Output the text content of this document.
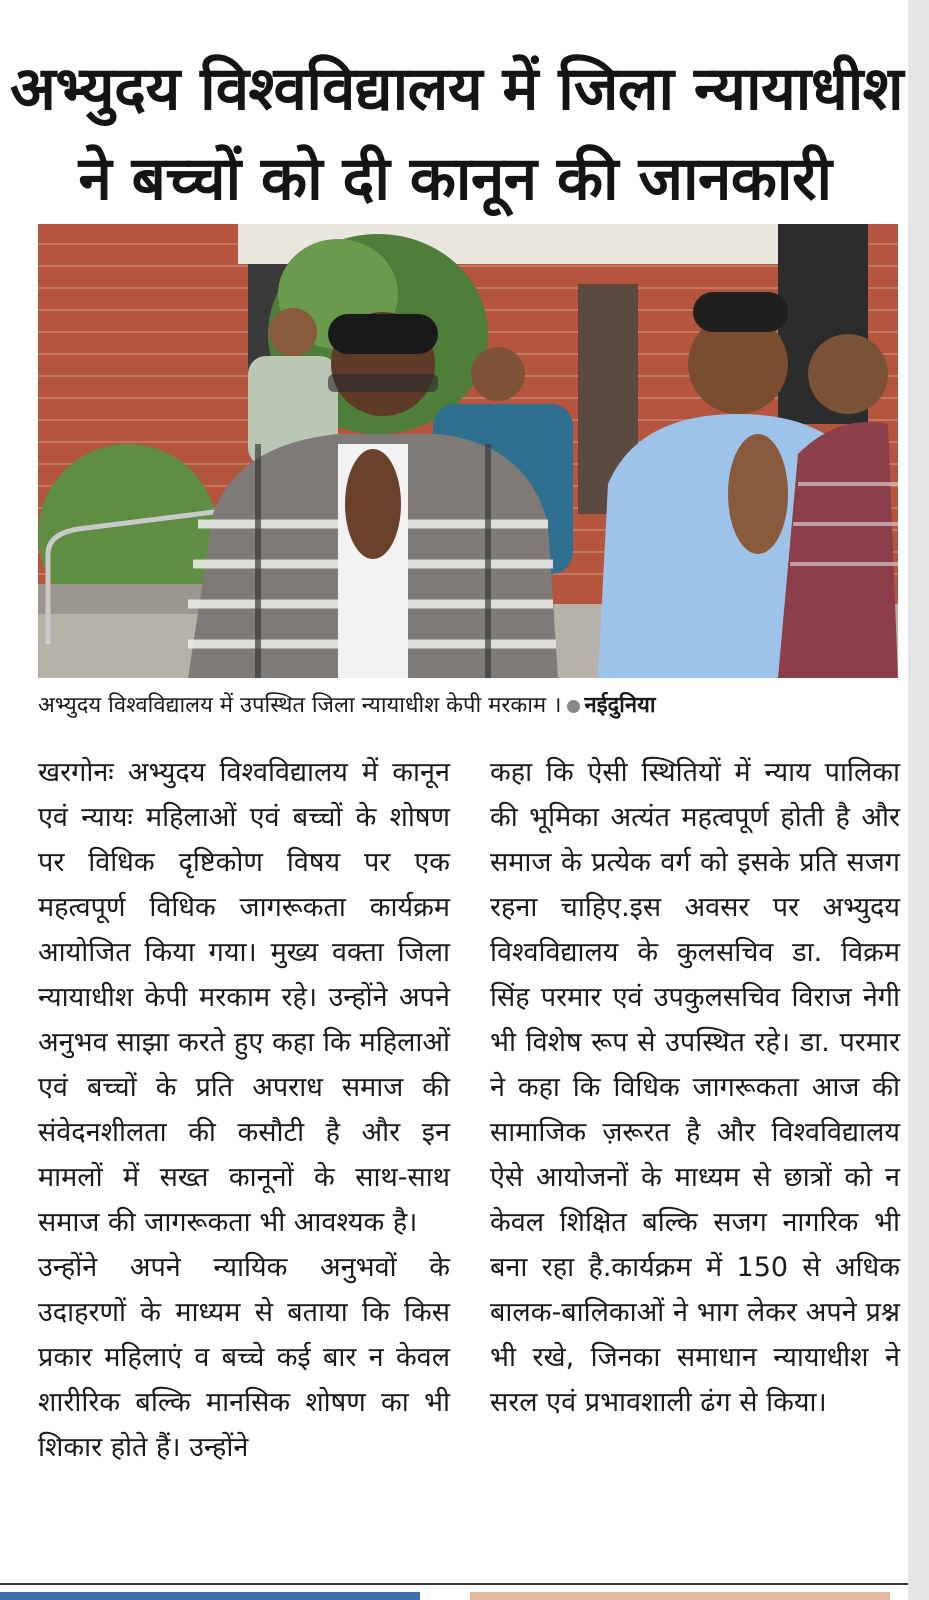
अभ्युदय विश्वविद्यालय में जिला न्यायाधीश
ने बच्चों को दी कानून की जानकारी
अभ्युदय विश्वविद्यालय में उपस्थित जिला न्यायाधीश केपी मरकाम । नईदुनिया

खरगोनः अभ्युदय विश्वविद्यालय में कानून एवं न्यायः महिलाओं एवं बच्चों के शोषण पर विधिक दृष्टिकोण विषय पर एक महत्वपूर्ण विधिक जागरूकता कार्यक्रम आयोजित किया गया। मुख्य वक्ता जिला न्यायाधीश केपी मरकाम रहे। उन्होंने अपने अनुभव साझा करते हुए कहा कि महिलाओं एवं बच्चों के प्रति अपराध समाज की संवेदनशीलता की कसौटी है और इन मामलों में सख्त कानूनों के साथ-साथ समाज की जागरूकता भी आवश्यक है।

उन्होंने अपने न्यायिक अनुभवों के उदाहरणों के माध्यम से बताया कि किस प्रकार महिलाएं व बच्चे कई बार न केवल शारीरिक बल्कि मानसिक शोषण का भी शिकार होते हैं। उन्होंने

कहा कि ऐसी स्थितियों में न्याय पालिका की भूमिका अत्यंत महत्वपूर्ण होती है और समाज के प्रत्येक वर्ग को इसके प्रति सजग रहना चाहिए.इस अवसर पर अभ्युदय विश्वविद्यालय के कुलसचिव डा. विक्रम सिंह परमार एवं उपकुलसचिव विराज नेगी भी विशेष रूप से उपस्थित रहे। डा. परमार ने कहा कि विधिक जागरूकता आज की सामाजिक ज़रूरत है और विश्वविद्यालय ऐसे आयोजनों के माध्यम से छात्रों को न केवल शिक्षित बल्कि सजग नागरिक भी बना रहा है.कार्यक्रम में 150 से अधिक बालक-बालिकाओं ने भाग लेकर अपने प्रश्न भी रखे, जिनका समाधान न्यायाधीश ने सरल एवं प्रभावशाली ढंग से किया।
